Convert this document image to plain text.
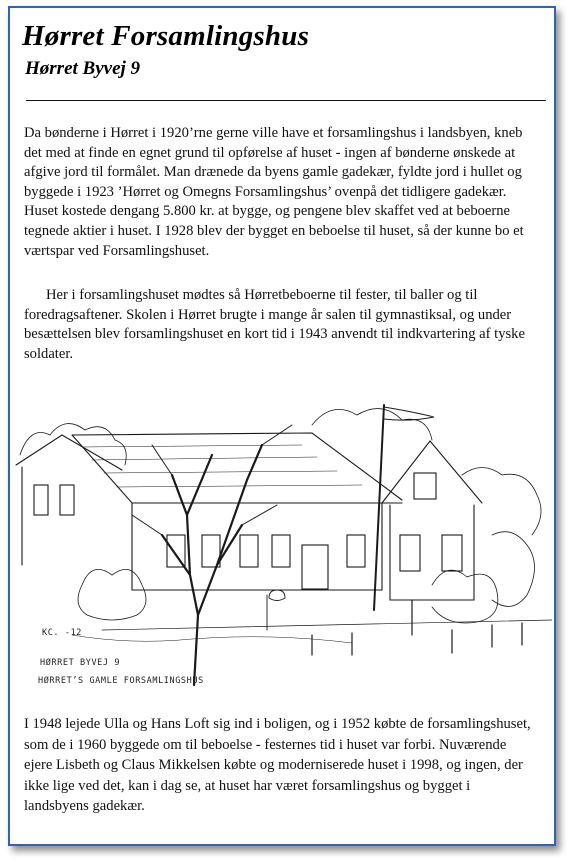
Hørret Forsamlingshus
Hørret Byvej 9

Da bønderne i Hørret i 1920’rne gerne ville have et forsamlingshus i landsbyen, kneb det med at finde en egnet grund til opførelse af huset - ingen af bønderne ønskede at afgive jord til formålet. Man drænede da byens gamle gadekær, fyldte jord i hullet og byggede i 1923 ’Hørret og Omegns Forsamlingshus’ ovenpå det tidligere gadekær. Huset kostede dengang 5.800 kr. at bygge, og pengene blev skaffet ved at beboerne tegnede aktier i huset. I 1928 blev der bygget en beboelse til huset, så der kunne bo et værtspar ved Forsamlingshuset.

Her i forsamlingshuset mødtes så Hørretbeboerne til fester, til baller og til foredragsaftener. Skolen i Hørret brugte i mange år salen til gymnastiksal, og under besættelsen blev forsamlingshuset en kort tid i 1943 anvendt til indkvartering af tyske soldater.

KC. -12

HØRRET BYVEJ 9

HØRRET’S GAMLE FORSAMLINGSHUS

I 1948 lejede Ulla og Hans Loft sig ind i boligen, og i 1952 købte de forsamlingshuset, som de i 1960 byggede om til beboelse - festernes tid i huset var forbi. Nuværende ejere Lisbeth og Claus Mikkelsen købte og moderniserede huset i 1998, og ingen, der ikke lige ved det, kan i dag se, at huset har været forsamlingshus og bygget i landsbyens gadekær.
